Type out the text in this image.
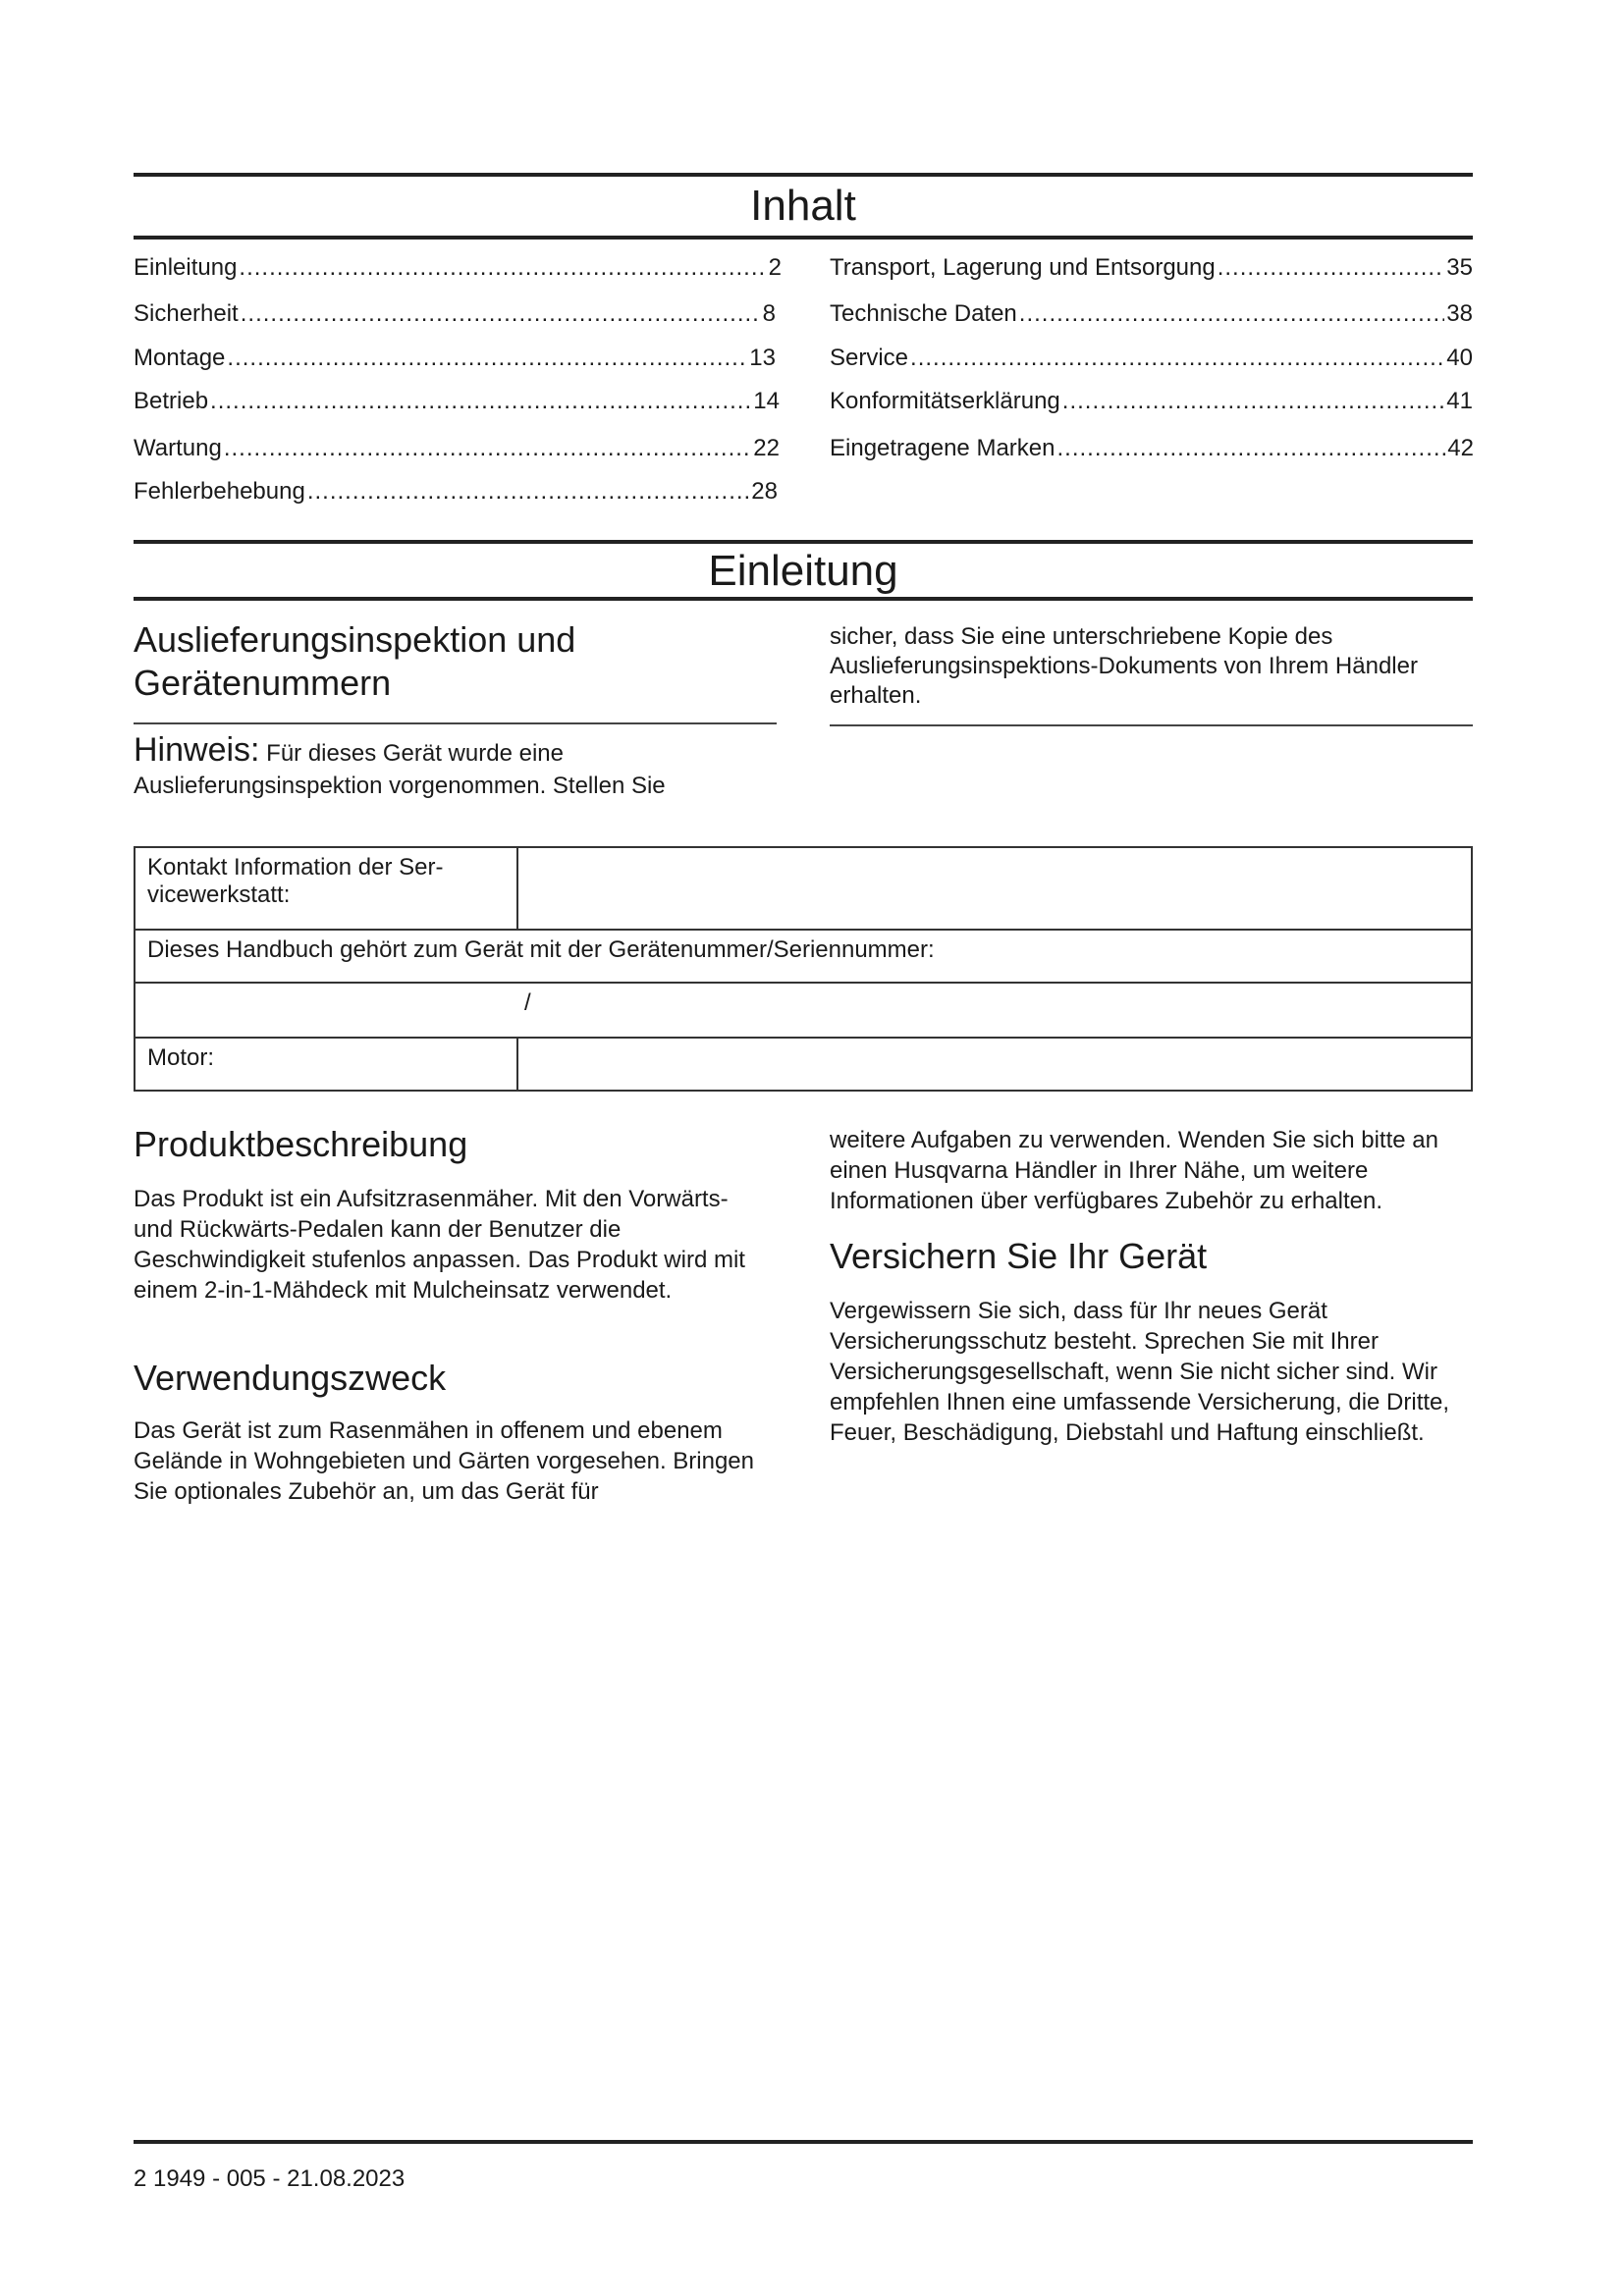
Inhalt
Einleitung .....	2
Sicherheit .....	8
Montage .....	13
Betrieb .....	14
Wartung .....	22
Fehlerbehebung .....	28
Transport, Lagerung und Entsorgung .....	35
Technische Daten .....	38
Service .....	40
Konformitätserklärung .....	41
Eingetragene Marken .....	42
Einleitung
Auslieferungsinspektion und
Gerätenummern
Hinweis: Für dieses Gerät wurde eine
Auslieferungsinspektion vorgenommen. Stellen Sie
sicher, dass Sie eine unterschriebene Kopie des Auslieferungsinspektions-Dokuments von Ihrem Händler erhalten.
Kontakt Information der Ser-vicewerkstatt:	
Dieses Handbuch gehört zum Gerät mit der Gerätenummer/Seriennummer:	
/	
Motor:	
Produktbeschreibung
Das Produkt ist ein Aufsitzrasenmäher. Mit den Vorwärts- und Rückwärts-Pedalen kann der Benutzer die Geschwindigkeit stufenlos anpassen. Das Produkt wird mit einem 2-in-1-Mähdeck mit Mulcheinsatz verwendet.
Verwendungszweck
Das Gerät ist zum Rasenmähen in offenem und ebenem Gelände in Wohngebieten und Gärten vorgesehen. Bringen Sie optionales Zubehör an, um das Gerät für
weitere Aufgaben zu verwenden. Wenden Sie sich bitte an einen Husqvarna Händler in Ihrer Nähe, um weitere Informationen über verfügbares Zubehör zu erhalten.
Versichern Sie Ihr Gerät
Vergewissern Sie sich, dass für Ihr neues Gerät Versicherungsschutz besteht. Sprechen Sie mit Ihrer Versicherungsgesellschaft, wenn Sie nicht sicher sind. Wir empfehlen Ihnen eine umfassende Versicherung, die Dritte, Feuer, Beschädigung, Diebstahl und Haftung einschließt.
2 1949 - 005 - 21.08.2023
